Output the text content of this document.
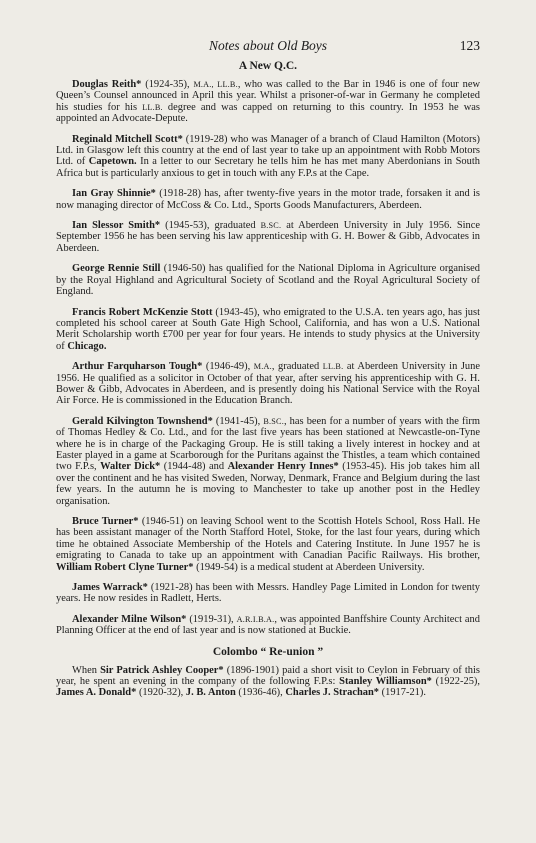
Notes about Old Boys	123
A New Q.C.

Douglas Reith* (1924-35), M.A., LL.B., who was called to the Bar in 1946 is one of four new Queen’s Counsel announced in April this year. Whilst a prisoner-of-war in Germany he completed his studies for his LL.B. degree and was capped on returning to this country. In 1953 he was appointed an Advocate-Depute.

Reginald Mitchell Scott* (1919-28) who was Manager of a branch of Claud Hamilton (Motors) Ltd. in Glasgow left this country at the end of last year to take up an appointment with Robb Motors Ltd. of Capetown. In a letter to our Secretary he tells him he has met many Aberdonians in South Africa but is particularly anxious to get in touch with any F.P.s at the Cape.

Ian Gray Shinnie* (1918-28) has, after twenty-five years in the motor trade, forsaken it and is now managing director of McCoss & Co. Ltd., Sports Goods Manufacturers, Aberdeen.

Ian Slessor Smith* (1945-53), graduated B.SC. at Aberdeen University in July 1956. Since September 1956 he has been serving his law apprenticeship with G. H. Bower & Gibb, Advocates in Aberdeen.

George Rennie Still (1946-50) has qualified for the National Diploma in Agriculture organised by the Royal Highland and Agricultural Society of Scotland and the Royal Agricultural Society of England.

Francis Robert McKenzie Stott (1943-45), who emigrated to the U.S.A. ten years ago, has just completed his school career at South Gate High School, California, and has won a U.S. National Merit Scholarship worth £700 per year for four years. He intends to study physics at the University of Chicago.

Arthur Farquharson Tough* (1946-49), M.A., graduated LL.B. at Aberdeen University in June 1956. He qualified as a solicitor in October of that year, after serving his apprenticeship with G. H. Bower & Gibb, Advocates in Aberdeen, and is presently doing his National Service with the Royal Air Force. He is commissioned in the Education Branch.

Gerald Kilvington Townshend* (1941-45), B.SC., has been for a number of years with the firm of Thomas Hedley & Co. Ltd., and for the last five years has been stationed at Newcastle-on-Tyne where he is in charge of the Packaging Group. He is still taking a lively interest in hockey and at Easter played in a game at Scarborough for the Puritans against the Thistles, a team which contained two F.P.s, Walter Dick* (1944-48) and Alexander Henry Innes* (1953-45). His job takes him all over the continent and he has visited Sweden, Norway, Denmark, France and Belgium during the last few years. In the autumn he is moving to Manchester to take up another post in the Hedley organisation.

Bruce Turner* (1946-51) on leaving School went to the Scottish Hotels School, Ross Hall. He has been assistant manager of the North Stafford Hotel, Stoke, for the last four years, during which time he obtained Associate Membership of the Hotels and Catering Institute. In June 1957 he is emigrating to Canada to take up an appointment with Canadian Pacific Railways. His brother, William Robert Clyne Turner* (1949-54) is a medical student at Aberdeen University.

James Warrack* (1921-28) has been with Messrs. Handley Page Limited in London for twenty years. He now resides in Radlett, Herts.

Alexander Milne Wilson* (1919-31), A.R.I.B.A., was appointed Banffshire County Architect and Planning Officer at the end of last year and is now stationed at Buckie.

Colombo “ Re-union ”

When Sir Patrick Ashley Cooper* (1896-1901) paid a short visit to Ceylon in February of this year, he spent an evening in the company of the following F.P.s: Stanley Williamson* (1922-25), James A. Donald* (1920-32), J. B. Anton (1936-46), Charles J. Strachan* (1917-21).
